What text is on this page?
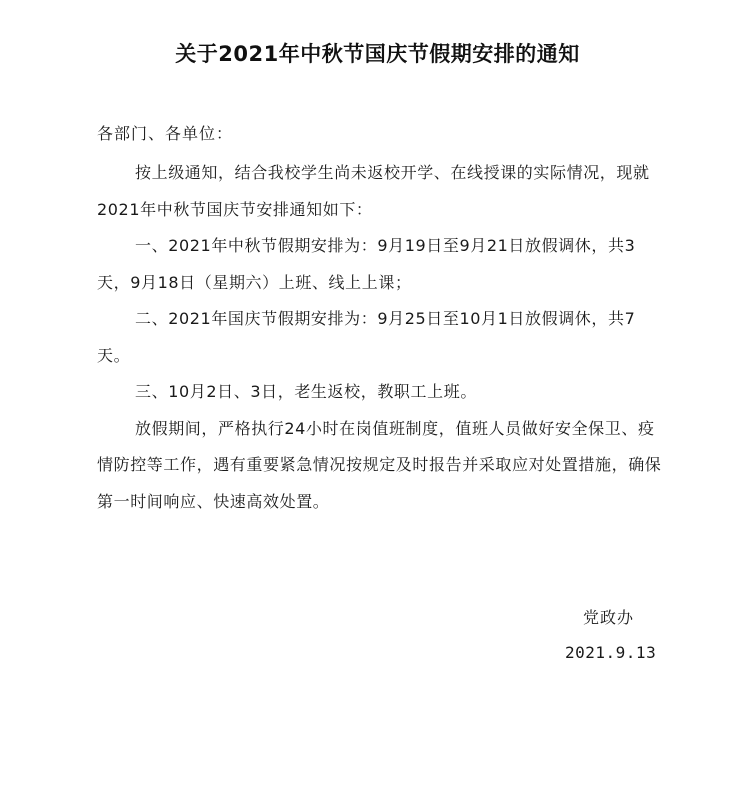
关于2021年中秋节国庆节假期安排的通知
各部门、各单位：

按上级通知，结合我校学生尚未返校开学、在线授课的实际情况，现就2021年中秋节国庆节安排通知如下：

一、2021年中秋节假期安排为：9月19日至9月21日放假调休，共3天，9月18日（星期六）上班、线上上课；

二、2021年国庆节假期安排为：9月25日至10月1日放假调休，共7天。

三、10月2日、3日，老生返校，教职工上班。

放假期间，严格执行24小时在岗值班制度，值班人员做好安全保卫、疫情防控等工作，遇有重要紧急情况按规定及时报告并采取应对处置措施，确保第一时间响应、快速高效处置。

党政办
2021.9.13
